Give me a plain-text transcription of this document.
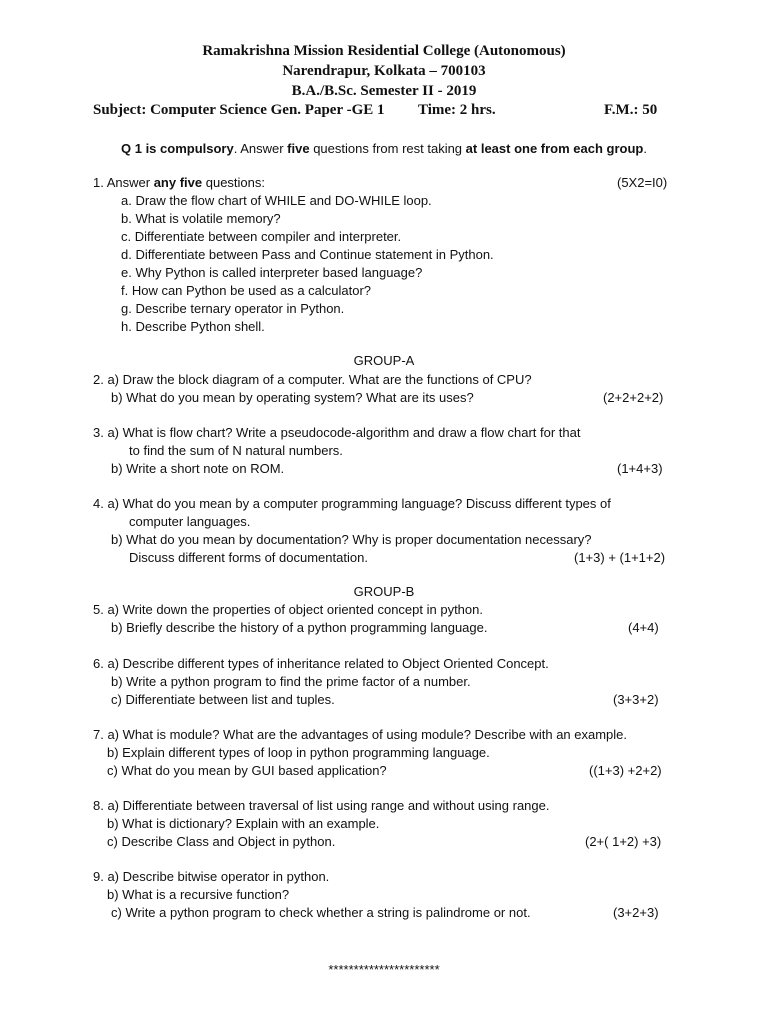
Ramakrishna Mission Residential College (Autonomous)
Narendrapur, Kolkata – 700103
B.A./B.Sc. Semester II - 2019
Subject: Computer Science Gen. Paper -GE 1 Time: 2 hrs.	F.M.: 50
Q 1 is compulsory. Answer five questions from rest taking at least one from each group.
1. Answer any five questions:	(5X2=I0)
a. Draw the flow chart of WHILE and DO-WHILE loop.
b. What is volatile memory?
c. Differentiate between compiler and interpreter.
d. Differentiate between Pass and Continue statement in Python.
e. Why Python is called interpreter based language?
f. How can Python be used as a calculator?
g. Describe ternary operator in Python.
h. Describe Python shell.
GROUP-A
2. a) Draw the block diagram of a computer. What are the functions of CPU?
b) What do you mean by operating system? What are its uses?	(2+2+2+2)
3. a) What is flow chart? Write a pseudocode-algorithm and draw a flow chart for that
to find the sum of N natural numbers.
b) Write a short note on ROM.	(1+4+3)
4. a) What do you mean by a computer programming language? Discuss different types of
computer languages.
b) What do you mean by documentation? Why is proper documentation necessary?
Discuss different forms of documentation.	(1+3) + (1+1+2)
GROUP-B
5. a) Write down the properties of object oriented concept in python.
b) Briefly describe the history of a python programming language.	(4+4)
6. a) Describe different types of inheritance related to Object Oriented Concept.
b) Write a python program to find the prime factor of a number.
c) Differentiate between list and tuples.	(3+3+2)
7. a) What is module? What are the advantages of using module? Describe with an example.
b) Explain different types of loop in python programming language.
c) What do you mean by GUI based application?	((1+3) +2+2)
8. a) Differentiate between traversal of list using range and without using range.
b) What is dictionary? Explain with an example.
c) Describe Class and Object in python.	(2+( 1+2) +3)
9. a) Describe bitwise operator in python.
b) What is a recursive function?
c) Write a python program to check whether a string is palindrome or not.	(3+2+3)
**********************
